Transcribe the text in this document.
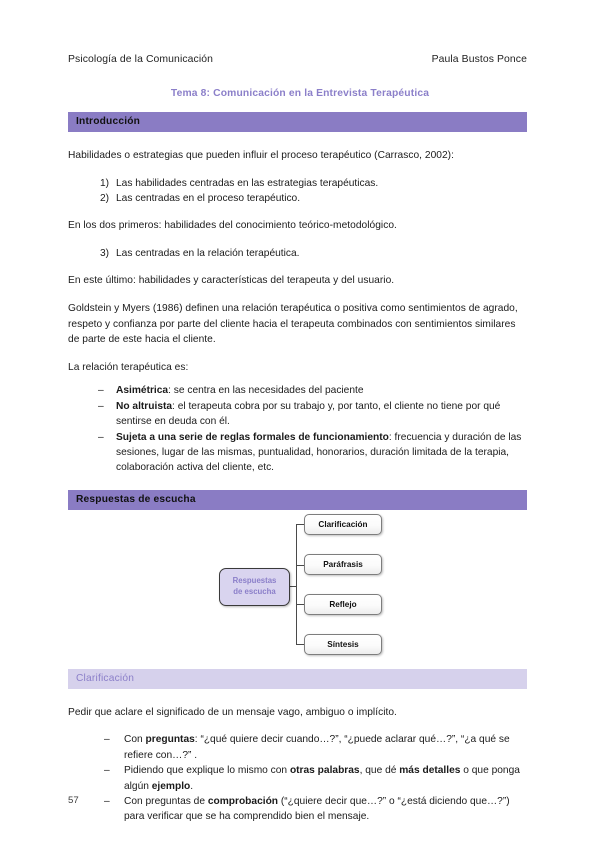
Psicología de la Comunicación	Paula Bustos Ponce
Tema 8: Comunicación en la Entrevista Terapéutica
Introducción

Habilidades o estrategias que pueden influir el proceso terapéutico (Carrasco, 2002):

1) Las habilidades centradas en las estrategias terapéuticas.
2) Las centradas en el proceso terapéutico.

En los dos primeros: habilidades del conocimiento teórico-metodológico.

3) Las centradas en la relación terapéutica.

En este último: habilidades y características del terapeuta y del usuario.

Goldstein y Myers (1986) definen una relación terapéutica o positiva como sentimientos de agrado, respeto y confianza por parte del cliente hacia el terapeuta combinados con sentimientos similares de parte de este hacia el cliente.

La relación terapéutica es:

–	Asimétrica: se centra en las necesidades del paciente
–	No altruista: el terapeuta cobra por su trabajo y, por tanto, el cliente no tiene por qué sentirse en deuda con él.
–	Sujeta a una serie de reglas formales de funcionamiento: frecuencia y duración de las sesiones, lugar de las mismas, puntualidad, honorarios, duración limitada de la terapia, colaboración activa del cliente, etc.
Respuestas de escucha
Respuestas
de escucha
Clarificación
Paráfrasis
Reflejo
Síntesis
Clarificación

Pedir que aclare el significado de un mensaje vago, ambiguo o implícito.

–	Con preguntas: “¿qué quiere decir cuando…?”, “¿puede aclarar qué…?”, “¿a qué se refiere con…?” .
–	Pidiendo que explique lo mismo con otras palabras, que dé más detalles o que ponga algún ejemplo.
–	Con preguntas de comprobación (“¿quiere decir que…?” o “¿está diciendo que…?”) para verificar que se ha comprendido bien el mensaje.
57
